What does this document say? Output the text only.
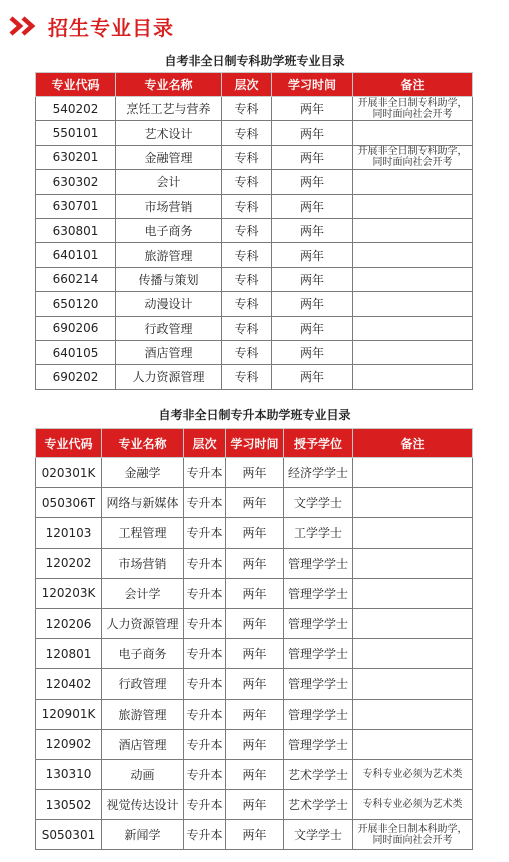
招生专业目录
自考非全日制专科助学班专业目录
专业代码	专业名称	层次	学习时间	备注
540202	烹饪工艺与营养	专科	两年	开展非全日制专科助学，同时面向社会开考
550101	艺术设计	专科	两年	
630201	金融管理	专科	两年	开展非全日制专科助学，同时面向社会开考
630302	会计	专科	两年	
630701	市场营销	专科	两年	
630801	电子商务	专科	两年	
640101	旅游管理	专科	两年	
660214	传播与策划	专科	两年	
650120	动漫设计	专科	两年	
690206	行政管理	专科	两年	
640105	酒店管理	专科	两年	
690202	人力资源管理	专科	两年	
自考非全日制专升本助学班专业目录
专业代码	专业名称	层次	学习时间	授予学位	备注
020301K	金融学	专升本	两年	经济学学士	
050306T	网络与新媒体	专升本	两年	文学学士	
120103	工程管理	专升本	两年	工学学士	
120202	市场营销	专升本	两年	管理学学士	
120203K	会计学	专升本	两年	管理学学士	
120206	人力资源管理	专升本	两年	管理学学士	
120801	电子商务	专升本	两年	管理学学士	
120402	行政管理	专升本	两年	管理学学士	
120901K	旅游管理	专升本	两年	管理学学士	
120902	酒店管理	专升本	两年	管理学学士	
130310	动画	专升本	两年	艺术学学士	专科专业必须为艺术类
130502	视觉传达设计	专升本	两年	艺术学学士	专科专业必须为艺术类
S050301	新闻学	专升本	两年	文学学士	开展非全日制本科助学，同时面向社会开考
